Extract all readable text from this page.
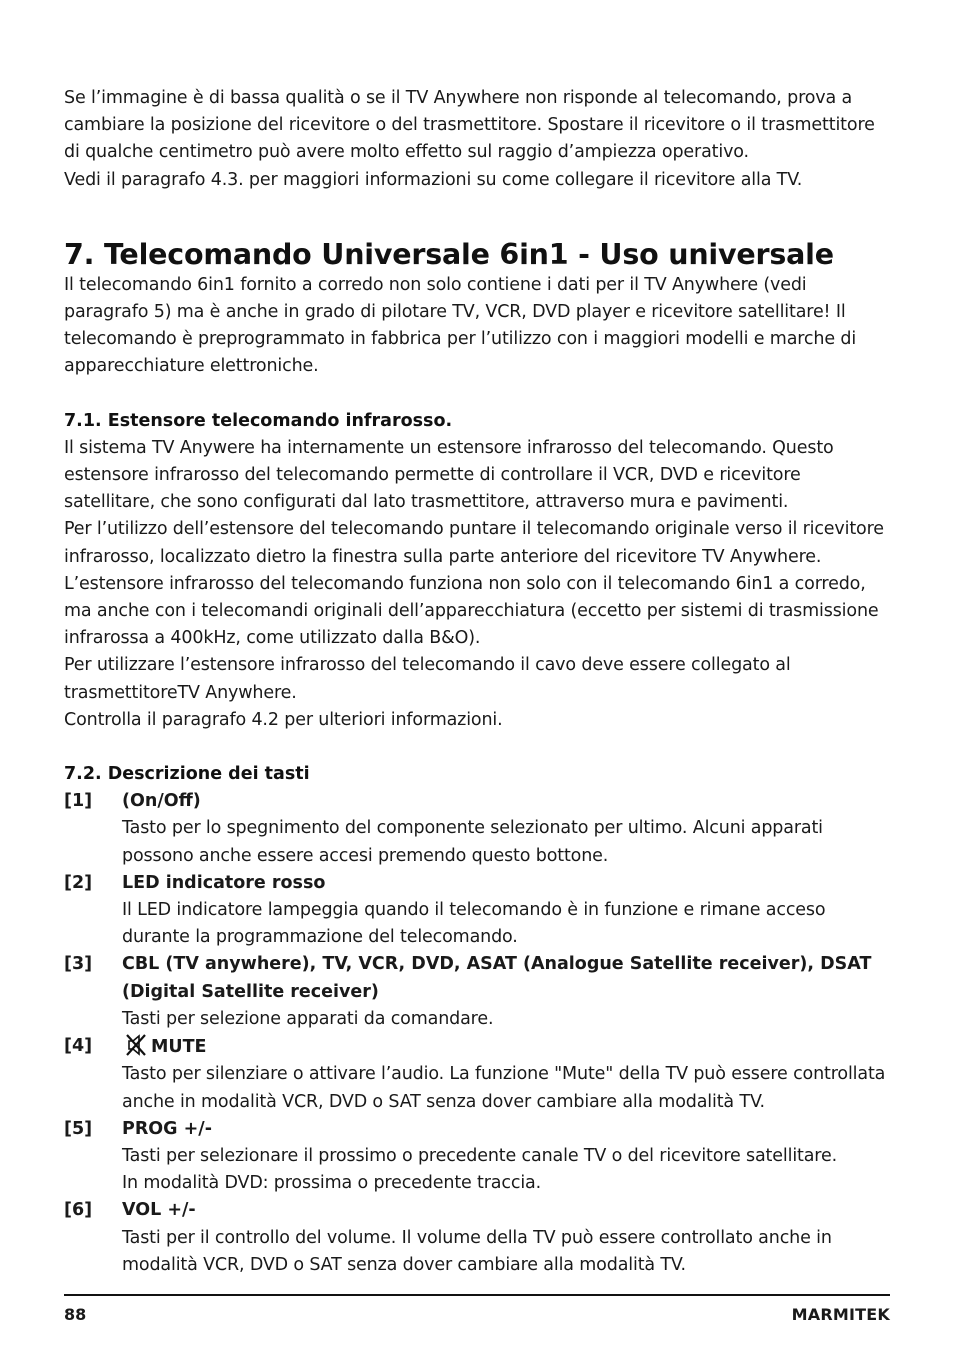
Se l’immagine è di bassa qualità o se il TV Anywhere non risponde al telecomando, prova a cambiare la posizione del ricevitore o del trasmettitore. Spostare il ricevitore o il trasmettitore di qualche centimetro può avere molto effetto sul raggio d’ampiezza operativo.

Vedi il paragrafo 4.3. per maggiori informazioni su come collegare il ricevitore alla TV.

7. Telecomando Universale 6in1 - Uso universale

Il telecomando 6in1 fornito a corredo non solo contiene i dati per il TV Anywhere (vedi paragrafo 5) ma è anche in grado di pilotare TV, VCR, DVD player e ricevitore satellitare! Il telecomando è preprogrammato in fabbrica per l’utilizzo con i maggiori modelli e marche di apparecchiature elettroniche.

7.1. Estensore telecomando infrarosso.

Il sistema TV Anywere ha internamente un estensore infrarosso del telecomando. Questo estensore infrarosso del telecomando permette di controllare il VCR, DVD e ricevitore satellitare, che sono configurati dal lato trasmettitore, attraverso mura e pavimenti.

Per l’utilizzo dell’estensore del telecomando puntare il telecomando originale verso il ricevitore infrarosso, localizzato dietro la finestra sulla parte anteriore del ricevitore TV Anywhere.

L’estensore infrarosso del telecomando funziona non solo con il telecomando 6in1 a corredo, ma anche con i telecomandi originali dell’apparecchiatura (eccetto per sistemi di trasmissione infrarossa a 400kHz, come utilizzato dalla B&O).

Per utilizzare l’estensore infrarosso del telecomando il cavo deve essere collegato al trasmettitoreTV Anywhere.

Controlla il paragrafo 4.2 per ulteriori informazioni.

7.2. Descrizione dei tasti
[1]	(On/Off)

Tasto per lo spegnimento del componente selezionato per ultimo. Alcuni apparati possono anche essere accesi premendo questo bottone.

[2]	LED indicatore rosso

Il LED indicatore lampeggia quando il telecomando è in funzione e rimane acceso durante la programmazione del telecomando.

[3]	CBL (TV anywhere), TV, VCR, DVD, ASAT (Analogue Satellite receiver), DSAT (Digital Satellite receiver)

Tasti per selezione apparati da comandare.

[4]	MUTE

Tasto per silenziare o attivare l’audio. La funzione "Mute" della TV può essere controllata anche in modalità VCR, DVD o SAT senza dover cambiare alla modalità TV.

[5]	PROG +/-

Tasti per selezionare il prossimo o precedente canale TV o del ricevitore satellitare.

In modalità DVD: prossima o precedente traccia.

[6]	VOL +/-

Tasti per il controllo del volume. Il volume della TV può essere controllato anche in modalità VCR, DVD o SAT senza dover cambiare alla modalità TV.

88	MARMITEK
